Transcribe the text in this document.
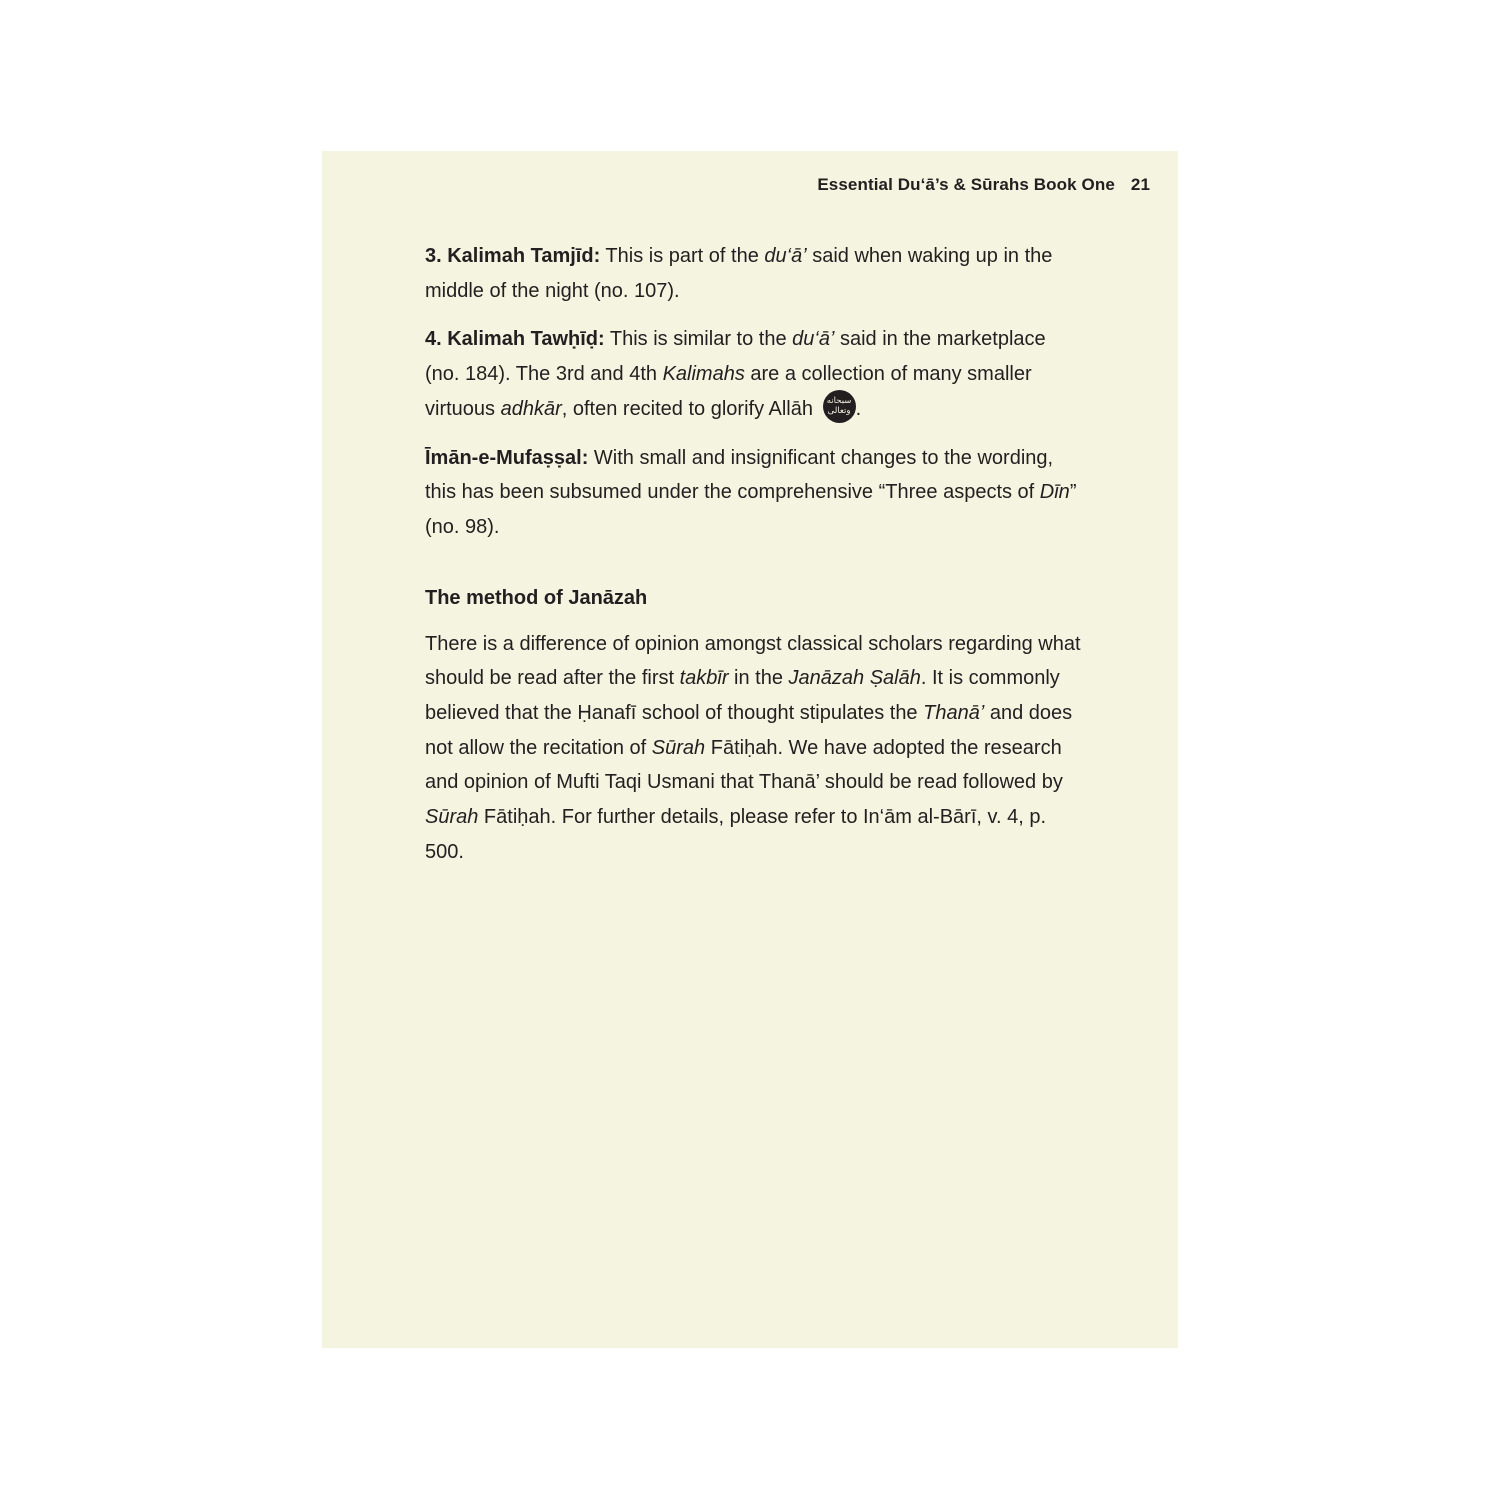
Essential Du‘ā’s & Sūrahs Book One 21

3. Kalimah Tamjīd: This is part of the du‘ā’ said when waking up in the middle of the night (no. 107).

4. Kalimah Tawḥīḍ: This is similar to the du‘ā’ said in the marketplace (no. 184). The 3rd and 4th Kalimahs are a collection of many smaller virtuous adhkār, often recited to glorify Allāh سبحانه وتعالى .

Īmān-e-Mufaṣṣal: With small and insignificant changes to the wording, this has been subsumed under the comprehensive “Three aspects of Dīn” (no. 98).

The method of Janāzah

There is a difference of opinion amongst classical scholars regarding what should be read after the first takbīr in the Janāzah Ṣalāh. It is commonly believed that the Ḥanafī school of thought stipulates the Thanā’ and does not allow the recitation of Sūrah Fātiḥah. We have adopted the research and opinion of Mufti Taqi Usmani that Thanā’ should be read followed by Sūrah Fātiḥah. For further details, please refer to In‘ām al-Bārī, v. 4, p. 500.
